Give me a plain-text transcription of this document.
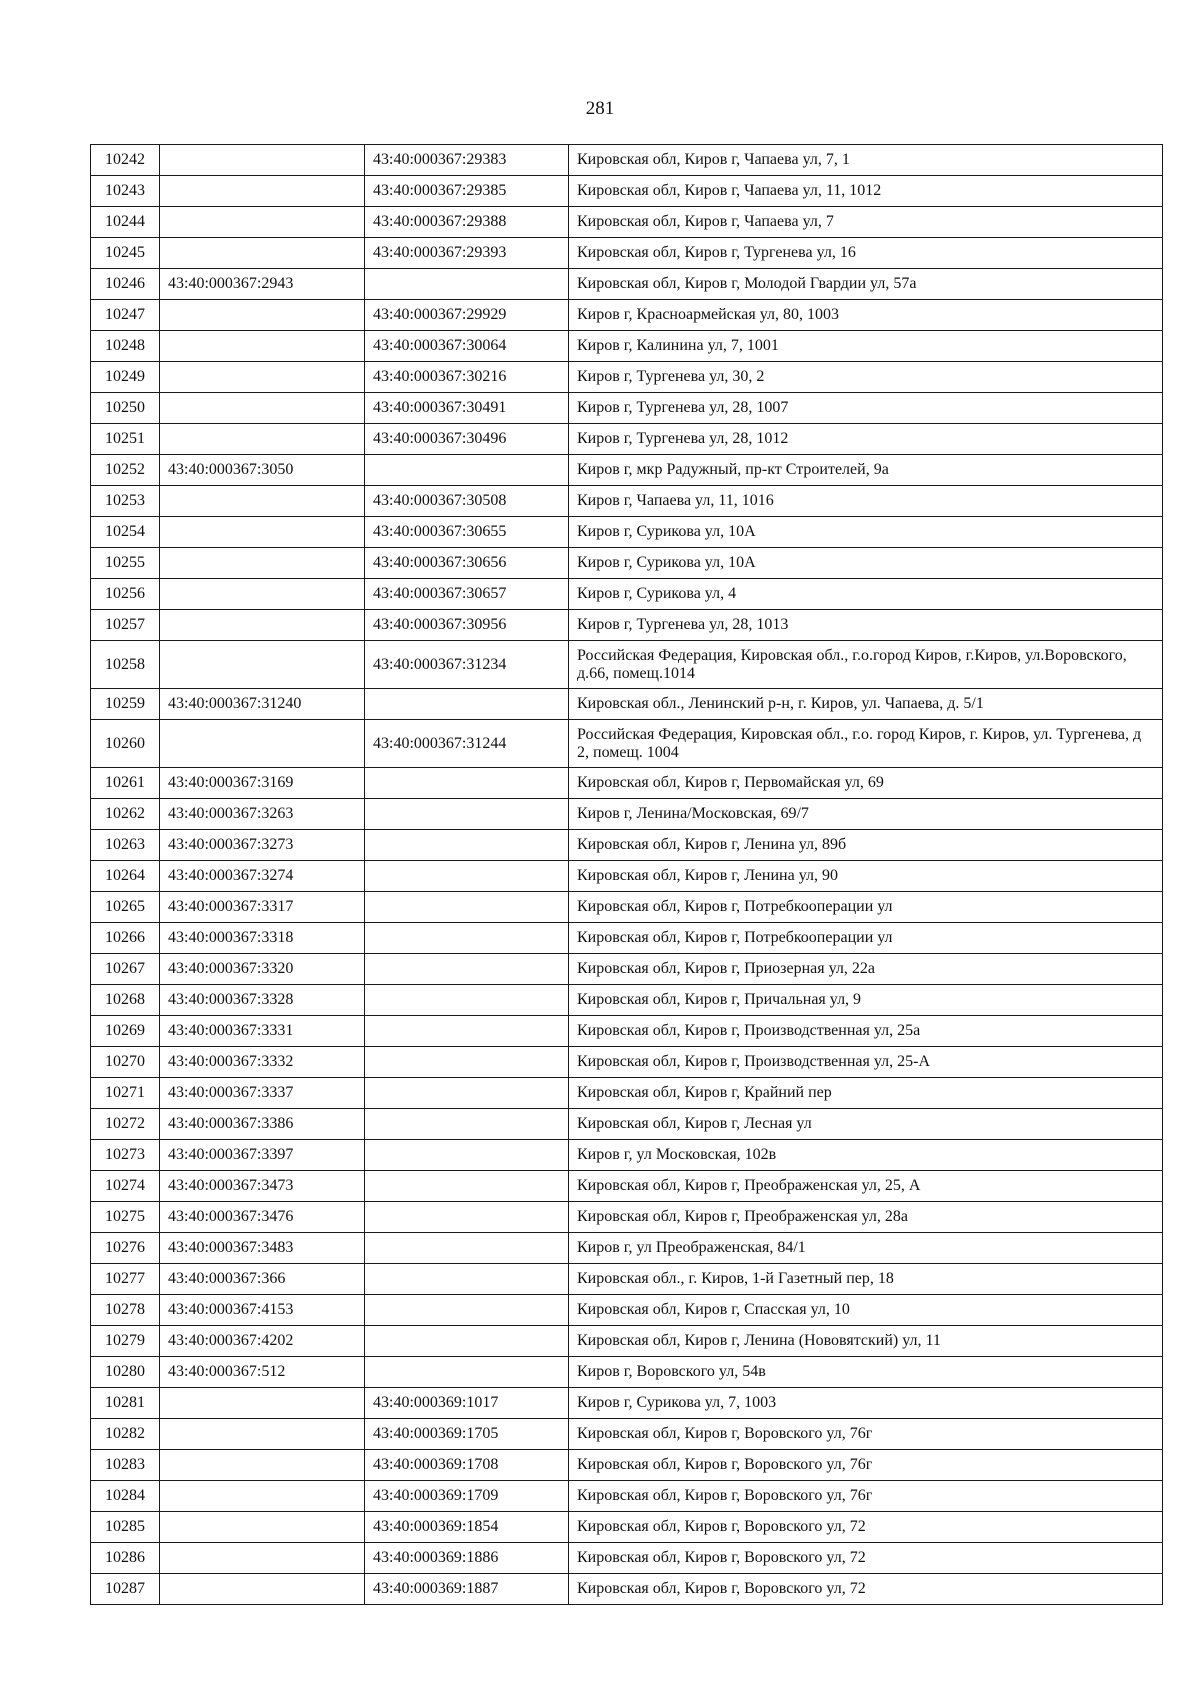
281
10242		43:40:000367:29383	Кировская обл, Киров г, Чапаева ул, 7, 1
10243		43:40:000367:29385	Кировская обл, Киров г, Чапаева ул, 11, 1012
10244		43:40:000367:29388	Кировская обл, Киров г, Чапаева ул, 7
10245		43:40:000367:29393	Кировская обл, Киров г, Тургенева ул, 16
10246	43:40:000367:2943		Кировская обл, Киров г, Молодой Гвардии ул, 57а
10247		43:40:000367:29929	Киров г, Красноармейская ул, 80, 1003
10248		43:40:000367:30064	Киров г, Калинина ул, 7, 1001
10249		43:40:000367:30216	Киров г, Тургенева ул, 30, 2
10250		43:40:000367:30491	Киров г, Тургенева ул, 28, 1007
10251		43:40:000367:30496	Киров г, Тургенева ул, 28, 1012
10252	43:40:000367:3050		Киров г, мкр Радужный, пр-кт Строителей, 9а
10253		43:40:000367:30508	Киров г, Чапаева ул, 11, 1016
10254		43:40:000367:30655	Киров г, Сурикова ул, 10А
10255		43:40:000367:30656	Киров г, Сурикова ул, 10А
10256		43:40:000367:30657	Киров г, Сурикова ул, 4
10257		43:40:000367:30956	Киров г, Тургенева ул, 28, 1013
10258		43:40:000367:31234	Российская Федерация, Кировская обл., г.о.город Киров, г.Киров, ул.Воровского, д.66, помещ.1014
10259	43:40:000367:31240		Кировская обл., Ленинский р-н, г. Киров, ул. Чапаева, д. 5/1
10260		43:40:000367:31244	Российская Федерация, Кировская обл., г.о. город Киров, г. Киров, ул. Тургенева, д 2, помещ. 1004
10261	43:40:000367:3169		Кировская обл, Киров г, Первомайская ул, 69
10262	43:40:000367:3263		Киров г, Ленина/Московская, 69/7
10263	43:40:000367:3273		Кировская обл, Киров г, Ленина ул, 89б
10264	43:40:000367:3274		Кировская обл, Киров г, Ленина ул, 90
10265	43:40:000367:3317		Кировская обл, Киров г, Потребкооперации ул
10266	43:40:000367:3318		Кировская обл, Киров г, Потребкооперации ул
10267	43:40:000367:3320		Кировская обл, Киров г, Приозерная ул, 22а
10268	43:40:000367:3328		Кировская обл, Киров г, Причальная ул, 9
10269	43:40:000367:3331		Кировская обл, Киров г, Производственная ул, 25а
10270	43:40:000367:3332		Кировская обл, Киров г, Производственная ул, 25-А
10271	43:40:000367:3337		Кировская обл, Киров г, Крайний пер
10272	43:40:000367:3386		Кировская обл, Киров г, Лесная ул
10273	43:40:000367:3397		Киров г, ул Московская, 102в
10274	43:40:000367:3473		Кировская обл, Киров г, Преображенская ул, 25, А
10275	43:40:000367:3476		Кировская обл, Киров г, Преображенская ул, 28а
10276	43:40:000367:3483		Киров г, ул Преображенская, 84/1
10277	43:40:000367:366		Кировская обл., г. Киров, 1-й Газетный пер, 18
10278	43:40:000367:4153		Кировская обл, Киров г, Спасская ул, 10
10279	43:40:000367:4202		Кировская обл, Киров г, Ленина (Нововятский) ул, 11
10280	43:40:000367:512		Киров г, Воровского ул, 54в
10281		43:40:000369:1017	Киров г, Сурикова ул, 7, 1003
10282		43:40:000369:1705	Кировская обл, Киров г, Воровского ул, 76г
10283		43:40:000369:1708	Кировская обл, Киров г, Воровского ул, 76г
10284		43:40:000369:1709	Кировская обл, Киров г, Воровского ул, 76г
10285		43:40:000369:1854	Кировская обл, Киров г, Воровского ул, 72
10286		43:40:000369:1886	Кировская обл, Киров г, Воровского ул, 72
10287		43:40:000369:1887	Кировская обл, Киров г, Воровского ул, 72
